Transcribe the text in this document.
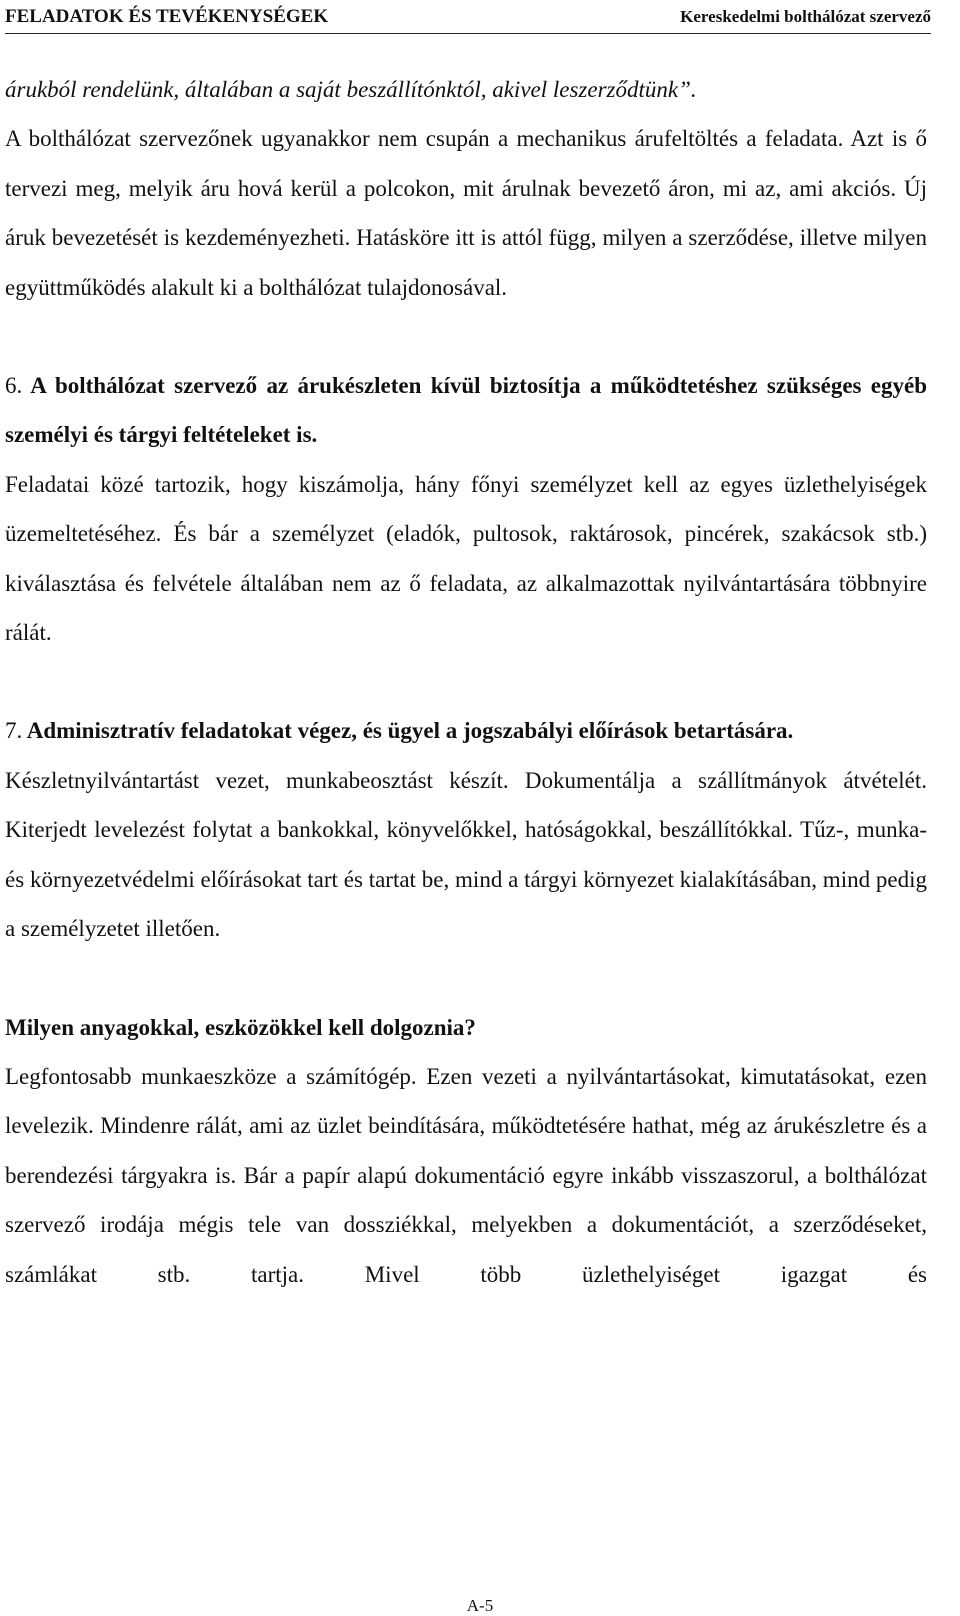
FELADATOK ÉS TEVÉKENYSÉGEK	Kereskedelmi bolthálózat szervező

árukból rendelünk, általában a saját beszállítónktól, akivel leszerződtünk”.

A bolthálózat szervezőnek ugyanakkor nem csupán a mechanikus árufeltöltés a feladata. Azt is ő tervezi meg, melyik áru hová kerül a polcokon, mit árulnak bevezető áron, mi az, ami akciós. Új áruk bevezetését is kezdeményezheti. Hatásköre itt is attól függ, milyen a szerződése, illetve milyen együttműködés alakult ki a bolthálózat tulajdonosával.

6. A bolthálózat szervező az árukészleten kívül biztosítja a működtetéshez szükséges egyéb személyi és tárgyi feltételeket is.

Feladatai közé tartozik, hogy kiszámolja, hány főnyi személyzet kell az egyes üzlethelyiségek üzemeltetéséhez. És bár a személyzet (eladók, pultosok, raktárosok, pincérek, szakácsok stb.) kiválasztása és felvétele általában nem az ő feladata, az alkalmazottak nyilvántartására többnyire rálát.

7. Adminisztratív feladatokat végez, és ügyel a jogszabályi előírások betartására.

Készletnyilvántartást vezet, munkabeosztást készít. Dokumentálja a szállítmányok átvételét. Kiterjedt levelezést folytat a bankokkal, könyvelőkkel, hatóságokkal, beszállítókkal. Tűz-, munka- és környezetvédelmi előírásokat tart és tartat be, mind a tárgyi környezet kialakításában, mind pedig a személyzetet illetően.

Milyen anyagokkal, eszközökkel kell dolgoznia?

Legfontosabb munkaeszköze a számítógép. Ezen vezeti a nyilvántartásokat, kimutatásokat, ezen levelezik. Mindenre rálát, ami az üzlet beindítására, működtetésére hathat, még az árukészletre és a berendezési tárgyakra is. Bár a papír alapú dokumentáció egyre inkább visszaszorul, a bolthálózat szervező irodája mégis tele van dossziékkal, melyekben a dokumentációt, a szerződéseket, számlákat stb. tartja. Mivel több üzlethelyiséget igazgat és

A-5
